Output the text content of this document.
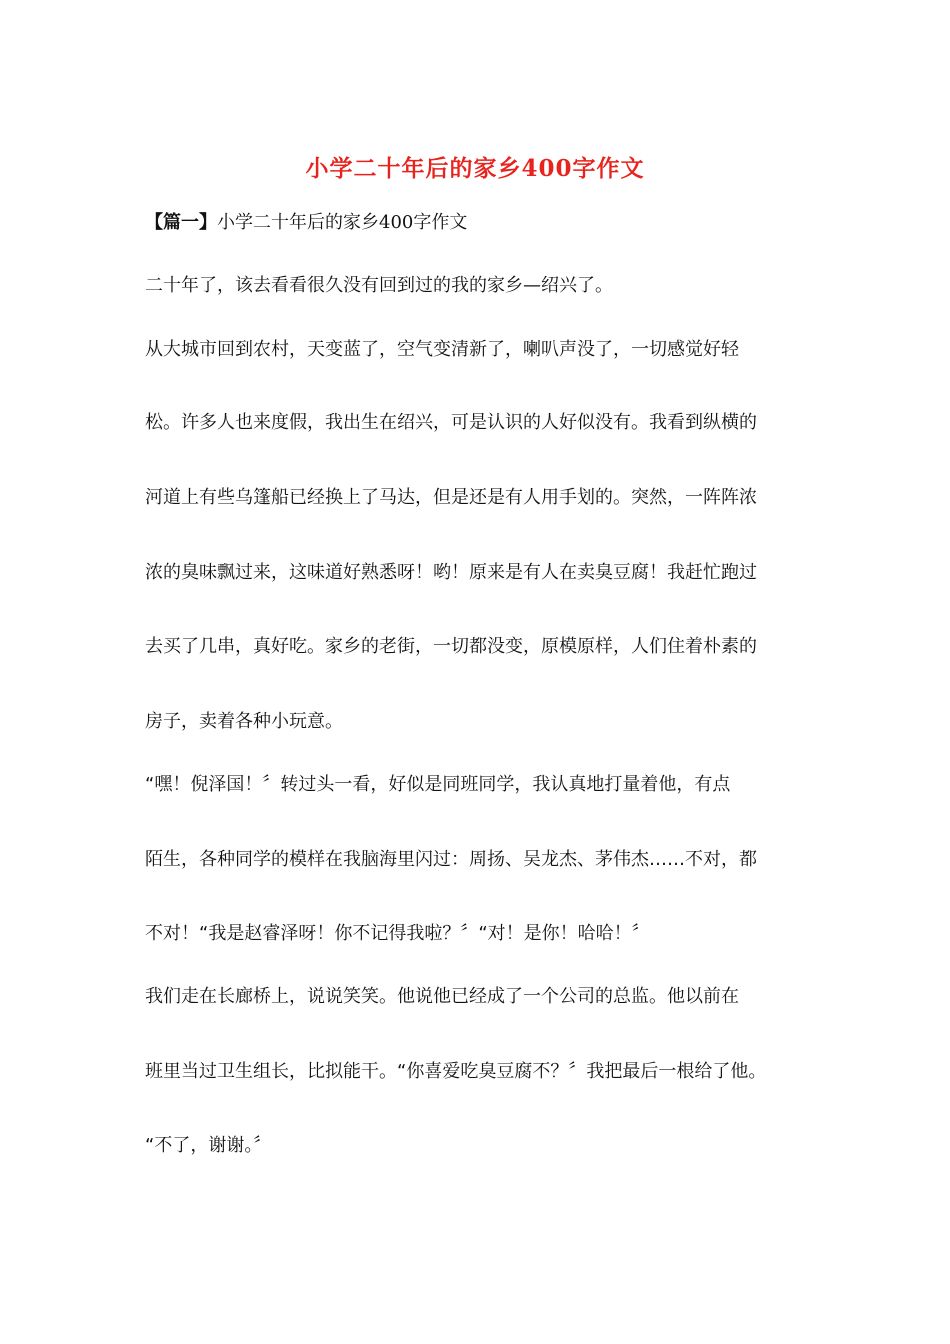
小学二十年后的家乡400字作文
【篇一】小学二十年后的家乡400字作文
二十年了，该去看看很久没有回到过的我的家乡—绍兴了。
从大城市回到农村，天变蓝了，空气变清新了，喇叭声没了，一切感觉好轻
松。许多人也来度假，我出生在绍兴，可是认识的人好似没有。我看到纵横的
河道上有些乌篷船已经换上了马达，但是还是有人用手划的。突然，一阵阵浓
浓的臭味飘过来，这味道好熟悉呀！哟！原来是有人在卖臭豆腐！我赶忙跑过
去买了几串，真好吃。家乡的老街，一切都没变，原模原样，人们住着朴素的
房子，卖着各种小玩意。
“嘿！倪泽国！〞转过头一看，好似是同班同学，我认真地打量着他，有点
陌生，各种同学的模样在我脑海里闪过：周扬、吴龙杰、茅伟杰……不对，都
不对！“我是赵睿泽呀！你不记得我啦？〞“对！是你！哈哈！〞
我们走在长廊桥上，说说笑笑。他说他已经成了一个公司的总监。他以前在
班里当过卫生组长，比拟能干。“你喜爱吃臭豆腐不？〞我把最后一根给了他。
“不了，谢谢。〞
